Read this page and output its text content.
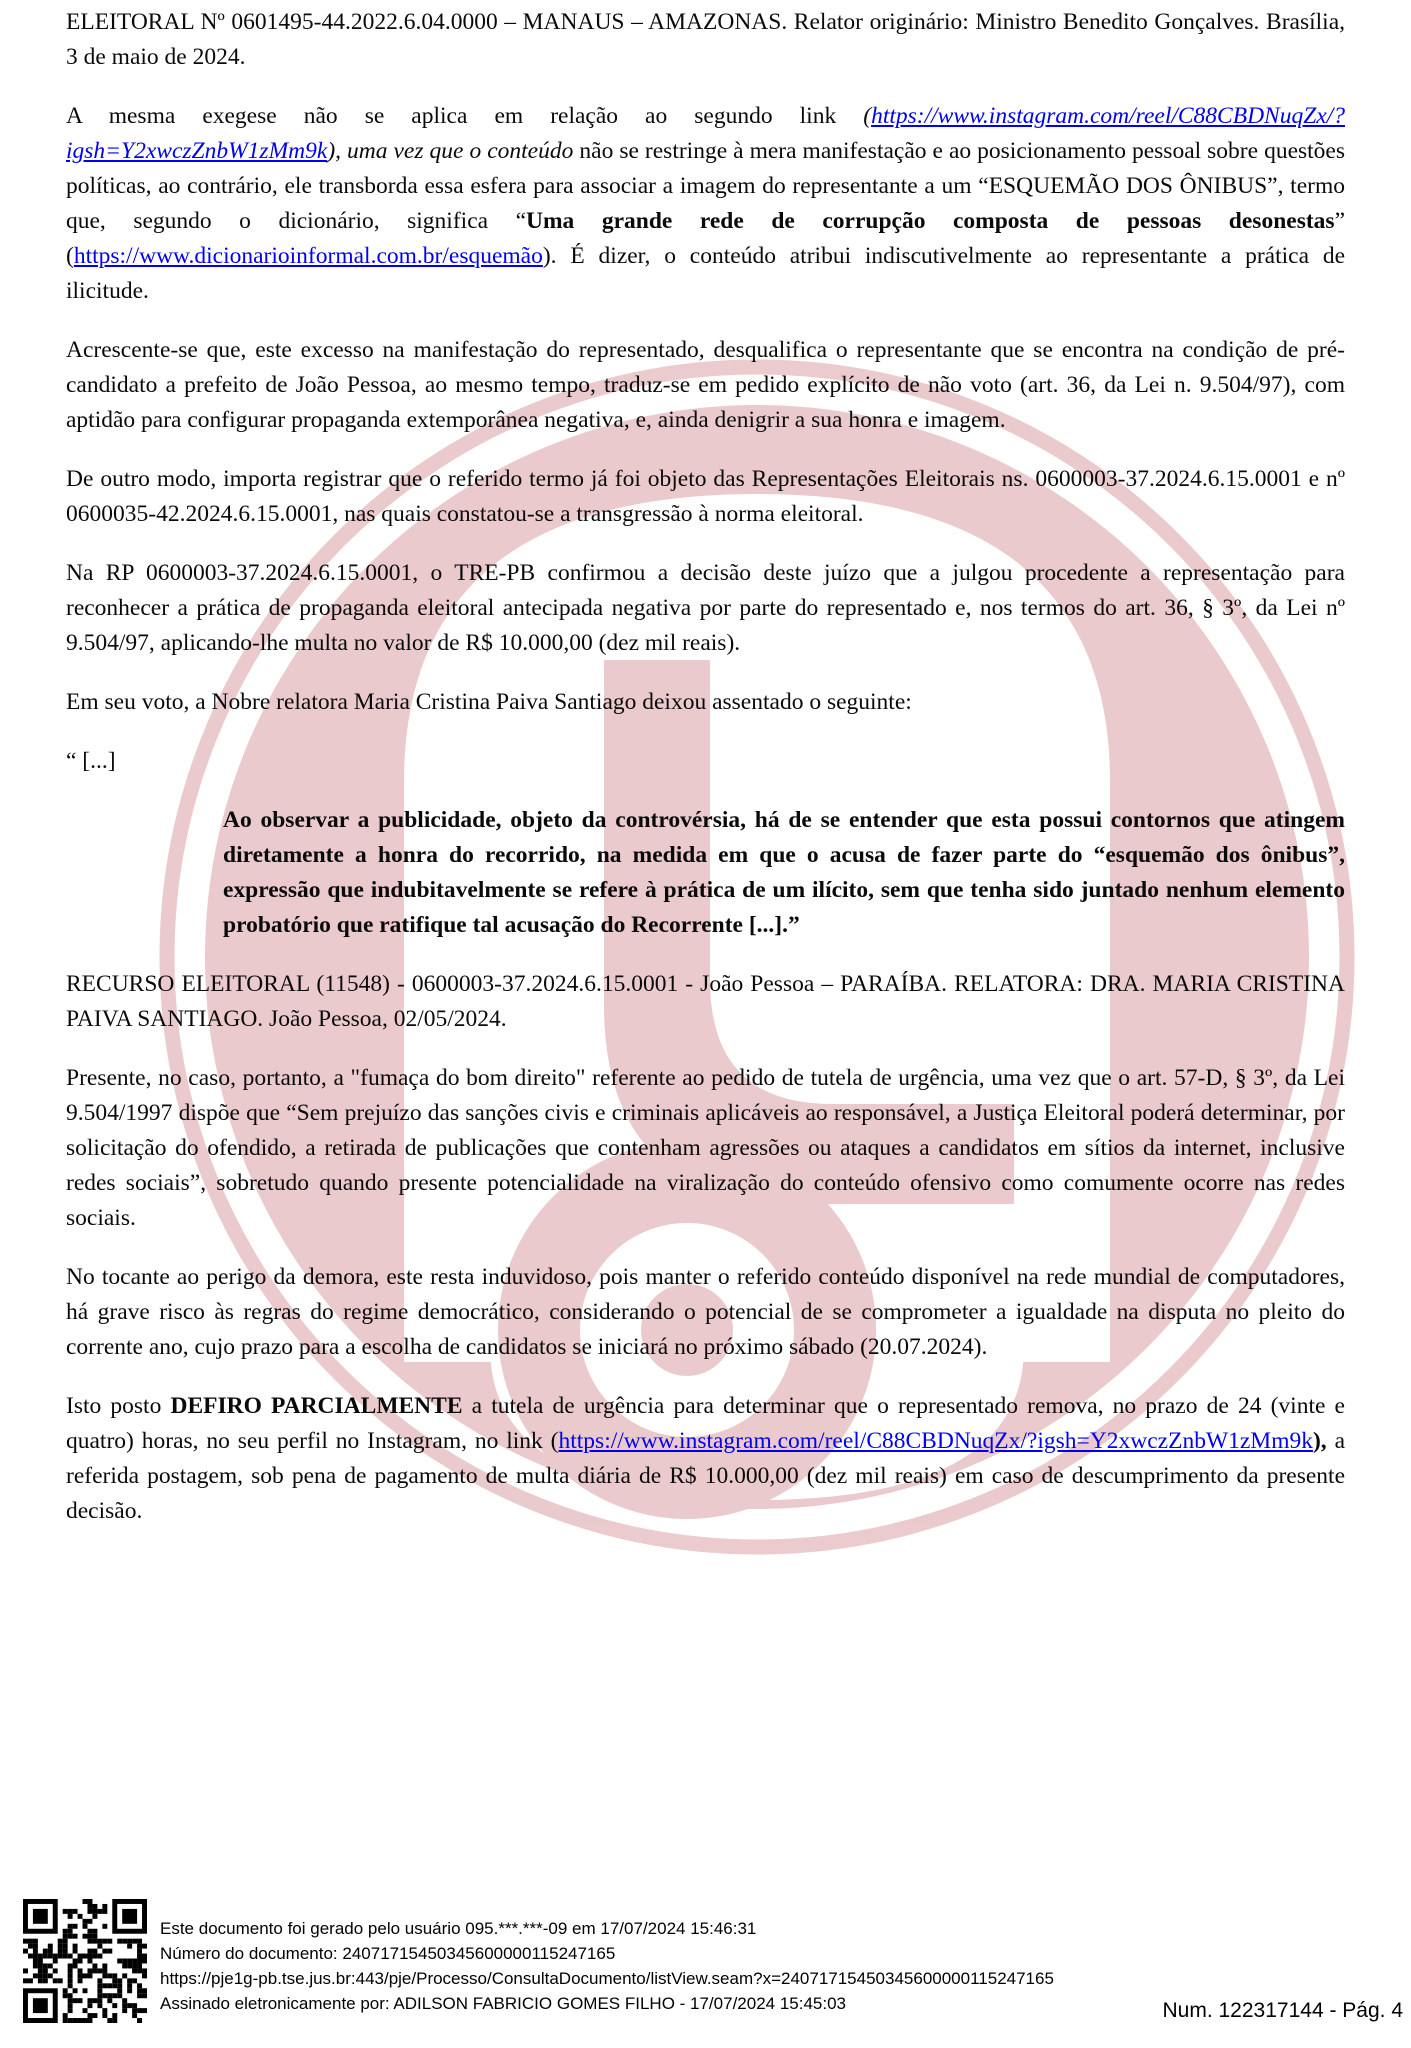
ELEITORAL Nº 0601495-44.2022.6.04.0000 – MANAUS – AMAZONAS. Relator originário: Ministro Benedito Gonçalves. Brasília, 3 de maio de 2024.

A mesma exegese não se aplica em relação ao segundo link (https://www.instagram.com/reel/C88CBDNuqZx/?igsh=Y2xwczZnbW1zMm9k), uma vez que o conteúdo não se restringe à mera manifestação e ao posicionamento pessoal sobre questões políticas, ao contrário, ele transborda essa esfera para associar a imagem do representante a um “ESQUEMÃO DOS ÔNIBUS”, termo que, segundo o dicionário, significa “Uma grande rede de corrupção composta de pessoas desonestas” (https://www.dicionarioinformal.com.br/esquemão). É dizer, o conteúdo atribui indiscutivelmente ao representante a prática de ilicitude.

Acrescente-se que, este excesso na manifestação do representado, desqualifica o representante que se encontra na condição de pré-candidato a prefeito de João Pessoa, ao mesmo tempo, traduz-se em pedido explícito de não voto (art. 36, da Lei n. 9.504/97), com aptidão para configurar propaganda extemporânea negativa, e, ainda denigrir a sua honra e imagem.

De outro modo, importa registrar que o referido termo já foi objeto das Representações Eleitorais ns. 0600003-37.2024.6.15.0001 e nº 0600035-42.2024.6.15.0001, nas quais constatou-se a transgressão à norma eleitoral.

Na RP 0600003-37.2024.6.15.0001, o TRE-PB confirmou a decisão deste juízo que a julgou procedente a representação para reconhecer a prática de propaganda eleitoral antecipada negativa por parte do representado e, nos termos do art. 36, § 3º, da Lei nº 9.504/97, aplicando-lhe multa no valor de R$ 10.000,00 (dez mil reais).

Em seu voto, a Nobre relatora Maria Cristina Paiva Santiago deixou assentado o seguinte:

“ [...]

Ao observar a publicidade, objeto da controvérsia, há de se entender que esta possui contornos que atingem diretamente a honra do recorrido, na medida em que o acusa de fazer parte do “esquemão dos ônibus”, expressão que indubitavelmente se refere à prática de um ilícito, sem que tenha sido juntado nenhum elemento probatório que ratifique tal acusação do Recorrente [...].”

RECURSO ELEITORAL (11548) - 0600003-37.2024.6.15.0001 - João Pessoa – PARAÍBA. RELATORA: DRA. MARIA CRISTINA PAIVA SANTIAGO. João Pessoa, 02/05/2024.

Presente, no caso, portanto, a "fumaça do bom direito" referente ao pedido de tutela de urgência, uma vez que o art. 57-D, § 3º, da Lei 9.504/1997 dispõe que “Sem prejuízo das sanções civis e criminais aplicáveis ao responsável, a Justiça Eleitoral poderá determinar, por solicitação do ofendido, a retirada de publicações que contenham agressões ou ataques a candidatos em sítios da internet, inclusive redes sociais”, sobretudo quando presente potencialidade na viralização do conteúdo ofensivo como comumente ocorre nas redes sociais.

No tocante ao perigo da demora, este resta induvidoso, pois manter o referido conteúdo disponível na rede mundial de computadores, há grave risco às regras do regime democrático, considerando o potencial de se comprometer a igualdade na disputa no pleito do corrente ano, cujo prazo para a escolha de candidatos se iniciará no próximo sábado (20.07.2024).

Isto posto DEFIRO PARCIALMENTE a tutela de urgência para determinar que o representado remova, no prazo de 24 (vinte e quatro) horas, no seu perfil no Instagram, no link (https://www.instagram.com/reel/C88CBDNuqZx/?igsh=Y2xwczZnbW1zMm9k), a referida postagem, sob pena de pagamento de multa diária de R$ 10.000,00 (dez mil reais) em caso de descumprimento da presente decisão.

Este documento foi gerado pelo usuário 095.***.***-09 em 17/07/2024 15:46:31
Número do documento: 24071715450345600000115247165
https://pje1g-pb.tse.jus.br:443/pje/Processo/ConsultaDocumento/listView.seam?x=24071715450345600000115247165
Assinado eletronicamente por: ADILSON FABRICIO GOMES FILHO - 17/07/2024 15:45:03	Num. 122317144 - Pág. 4
